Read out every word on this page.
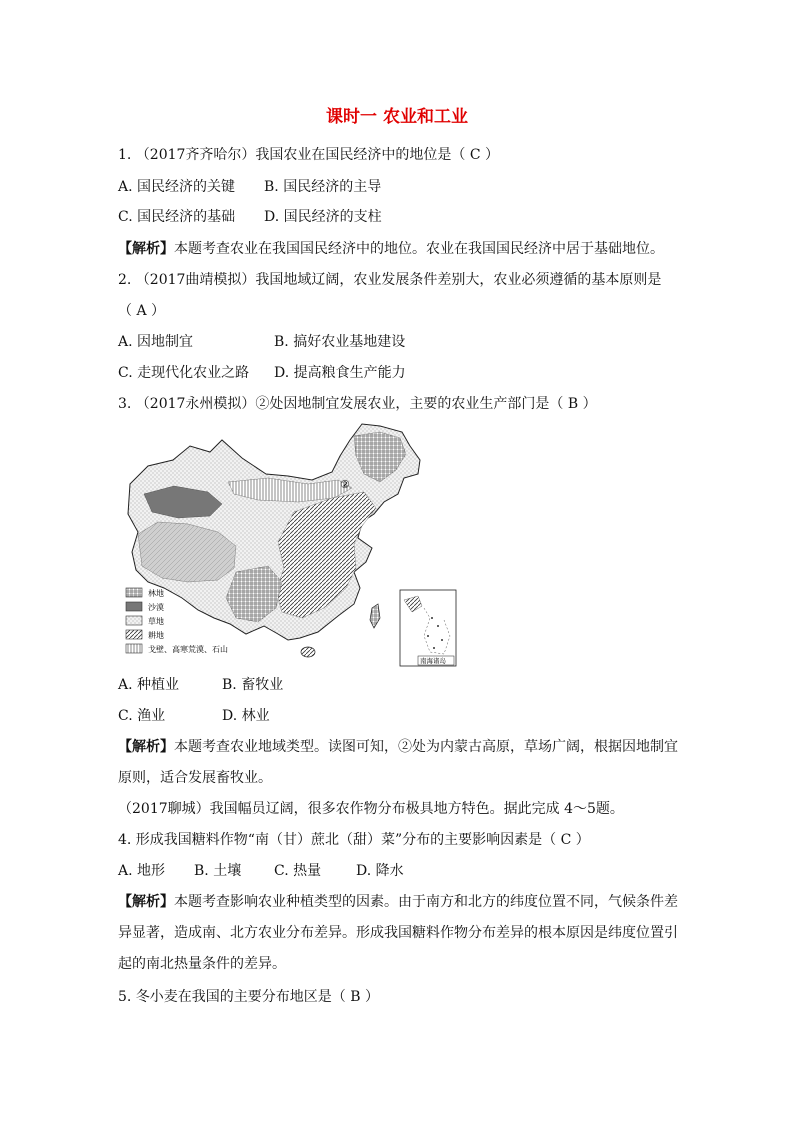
课时一 农业和工业
1. （2017齐齐哈尔）我国农业在国民经济中的地位是（ C ）
A. 国民经济的关键 B. 国民经济的主导
C. 国民经济的基础 D. 国民经济的支柱
【解析】本题考查农业在我国国民经济中的地位。农业在我国国民经济中居于基础地位。
2. （2017曲靖模拟）我国地域辽阔，农业发展条件差别大，农业必须遵循的基本原则是
（ A ）
A. 因地制宜	B. 搞好农业基地建设
C. 走现代化农业之路 D. 提高粮食生产能力
3. （2017永州模拟）②处因地制宜发展农业，主要的农业生产部门是（ B ）
②
林地
沙漠
草地
耕地
戈壁、高寒荒漠、石山
南海诸岛
A. 种植业	B. 畜牧业
C. 渔业	D. 林业
【解析】本题考查农业地域类型。读图可知，②处为内蒙古高原，草场广阔，根据因地制宜
原则，适合发展畜牧业。
（2017聊城）我国幅员辽阔，很多农作物分布极具地方特色。据此完成 4～5题。
4. 形成我国糖料作物“南（甘）蔗北（甜）菜”分布的主要影响因素是（ C ）
A. 地形 B. 土壤 C. 热量 D. 降水
【解析】本题考查影响农业种植类型的因素。由于南方和北方的纬度位置不同，气候条件差
异显著，造成南、北方农业分布差异。形成我国糖料作物分布差异的根本原因是纬度位置引
起的南北热量条件的差异。
5. 冬小麦在我国的主要分布地区是（ B ）
